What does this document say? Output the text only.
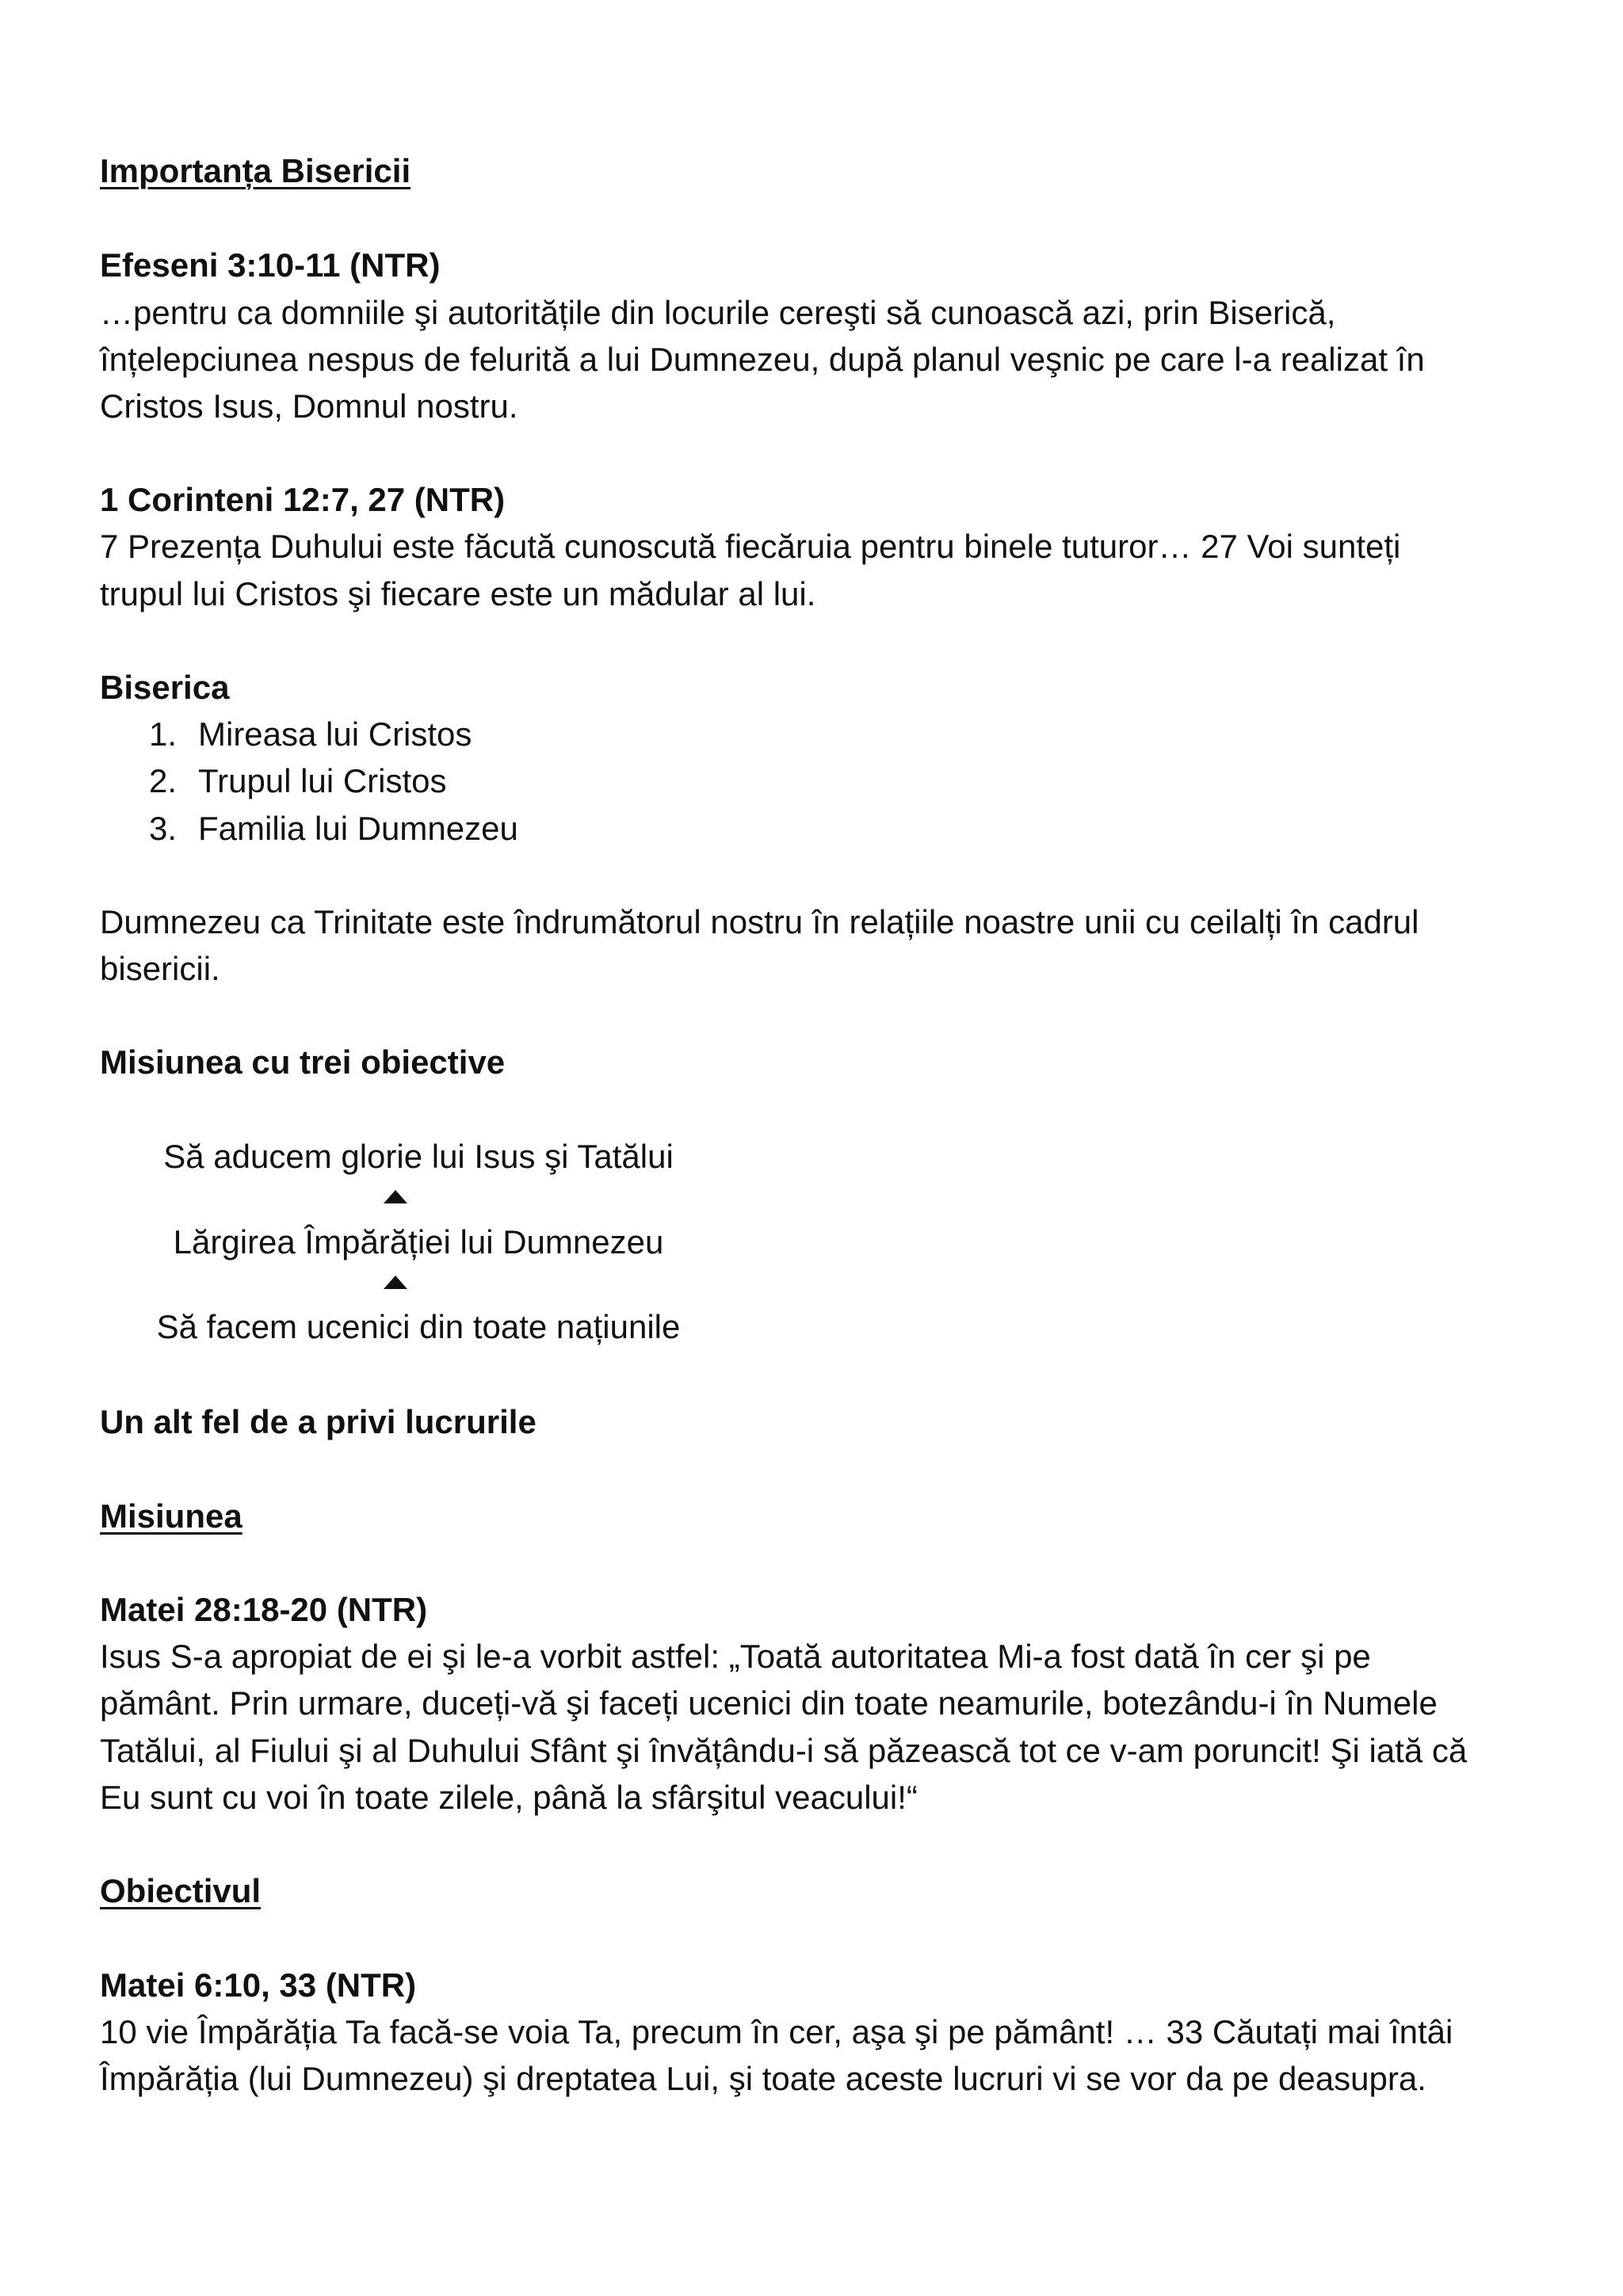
Importanța Bisericii
Efeseni 3:10-11 (NTR)
…pentru ca domniile şi autoritățile din locurile cereşti să cunoască azi, prin Biserică,
înțelepciunea nespus de felurită a lui Dumnezeu, după planul veşnic pe care l-a realizat în
Cristos Isus, Domnul nostru.
1 Corinteni 12:7, 27 (NTR)
7 Prezența Duhului este făcută cunoscută fiecăruia pentru binele tuturor… 27 Voi sunteți
trupul lui Cristos şi fiecare este un mădular al lui.
Biserica
1. Mireasa lui Cristos
2. Trupul lui Cristos
3. Familia lui Dumnezeu
Dumnezeu ca Trinitate este îndrumătorul nostru în relațiile noastre unii cu ceilalți în cadrul
bisericii.
Misiunea cu trei obiective
Să aducem glorie lui Isus şi Tatălui
Lărgirea Împărăției lui Dumnezeu
Să facem ucenici din toate națiunile
Un alt fel de a privi lucrurile
Misiunea
Matei 28:18-20 (NTR)
Isus S-a apropiat de ei şi le-a vorbit astfel: „Toată autoritatea Mi-a fost dată în cer şi pe
pământ. Prin urmare, duceți-vă şi faceți ucenici din toate neamurile, botezându-i în Numele
Tatălui, al Fiului şi al Duhului Sfânt şi învățându-i să păzească tot ce v-am poruncit! Şi iată că
Eu sunt cu voi în toate zilele, până la sfârşitul veacului!“
Obiectivul
Matei 6:10, 33 (NTR)
10 vie Împărăția Ta facă-se voia Ta, precum în cer, aşa şi pe pământ! … 33 Căutați mai întâi
Împărăția (lui Dumnezeu) şi dreptatea Lui, şi toate aceste lucruri vi se vor da pe deasupra.
